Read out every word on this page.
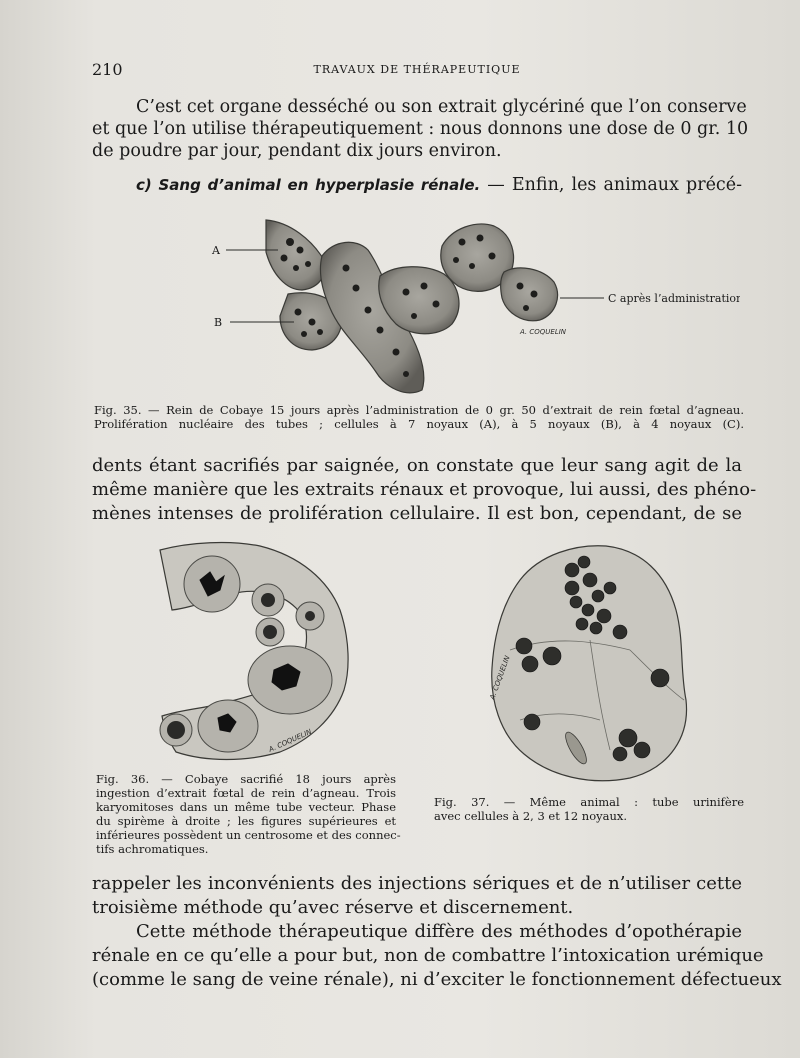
210	TRAVAUX DE THÉRAPEUTIQUE
C’est cet organe desséché ou son extrait glycériné que l’on conserve
et que l’on utilise thérapeutiquement : nous donnons une dose de 0 gr. 10
de poudre par jour, pendant dix jours environ.
c) Sang d’animal en hyperplasie rénale. — Enfin, les animaux précé-
A
B
C après l’administration
A. COQUELIN
Fig. 35. — Rein de Cobaye 15 jours après l’administration de 0 gr. 50 d’extrait de rein fœtal d’agneau.
Prolifération nucléaire des tubes ; cellules à 7 noyaux (A), à 5 noyaux (B), à 4 noyaux (C).
dents étant sacrifiés par saignée, on constate que leur sang agit de la
même manière que les extraits rénaux et provoque, lui aussi, des phéno-
mènes intenses de prolifération cellulaire. Il est bon, cependant, de se
A. COQUELIN
A. COQUELIN
Fig. 36. — Cobaye sacrifié 18 jours après
ingestion d’extrait fœtal de rein d’agneau. Trois
karyomitoses dans un même tube vecteur. Phase
du spirème à droite ; les figures supérieures et
inférieures possèdent un centrosome et des connec-
tifs achromatiques.
Fig. 37. — Même animal : tube urinifère
avec cellules à 2, 3 et 12 noyaux.
rappeler les inconvénients des injections sériques et de n’utiliser cette
troisième méthode qu’avec réserve et discernement.
Cette méthode thérapeutique diffère des méthodes d’opothérapie
rénale en ce qu’elle a pour but, non de combattre l’intoxication urémique
(comme le sang de veine rénale), ni d’exciter le fonctionnement défectueux
